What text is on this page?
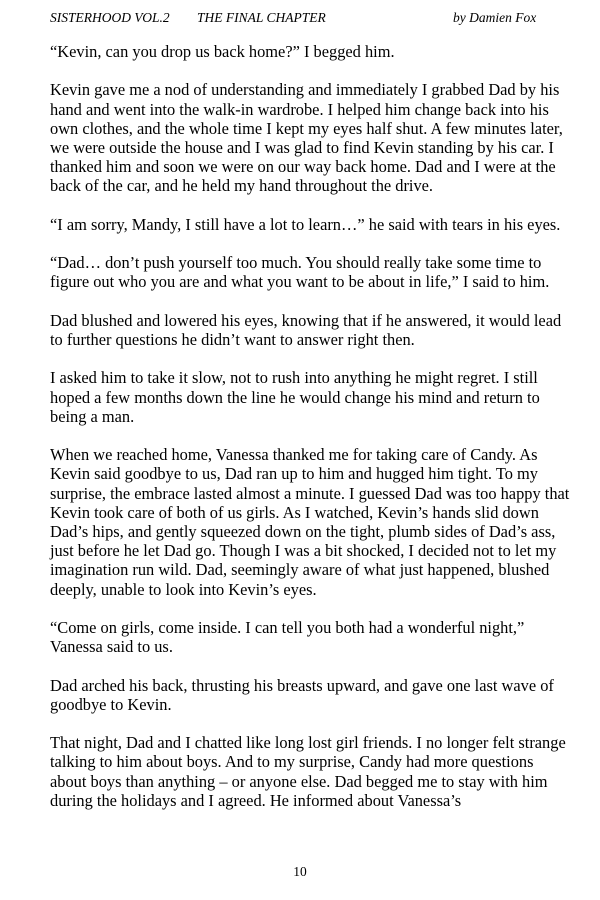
SISTERHOOD VOL.2 THE FINAL CHAPTER	by Damien Fox

“Kevin, can you drop us back home?” I begged him.

Kevin gave me a nod of understanding and immediately I grabbed Dad by his hand and went into the walk-in wardrobe. I helped him change back into his own clothes, and the whole time I kept my eyes half shut. A few minutes later, we were outside the house and I was glad to find Kevin standing by his car. I thanked him and soon we were on our way back home. Dad and I were at the back of the car, and he held my hand throughout the drive.

“I am sorry, Mandy, I still have a lot to learn…” he said with tears in his eyes.

“Dad… don’t push yourself too much. You should really take some time to figure out who you are and what you want to be about in life,” I said to him.

Dad blushed and lowered his eyes, knowing that if he answered, it would lead to further questions he didn’t want to answer right then.

I asked him to take it slow, not to rush into anything he might regret. I still hoped a few months down the line he would change his mind and return to being a man.

When we reached home, Vanessa thanked me for taking care of Candy. As Kevin said goodbye to us, Dad ran up to him and hugged him tight. To my surprise, the embrace lasted almost a minute. I guessed Dad was too happy that Kevin took care of both of us girls. As I watched, Kevin’s hands slid down Dad’s hips, and gently squeezed down on the tight, plumb sides of Dad’s ass, just before he let Dad go. Though I was a bit shocked, I decided not to let my imagination run wild. Dad, seemingly aware of what just happened, blushed deeply, unable to look into Kevin’s eyes.

“Come on girls, come inside. I can tell you both had a wonderful night,” Vanessa said to us.

Dad arched his back, thrusting his breasts upward, and gave one last wave of goodbye to Kevin.

That night, Dad and I chatted like long lost girl friends. I no longer felt strange talking to him about boys. And to my surprise, Candy had more questions about boys than anything – or anyone else. Dad begged me to stay with him during the holidays and I agreed. He informed about Vanessa’s

10
